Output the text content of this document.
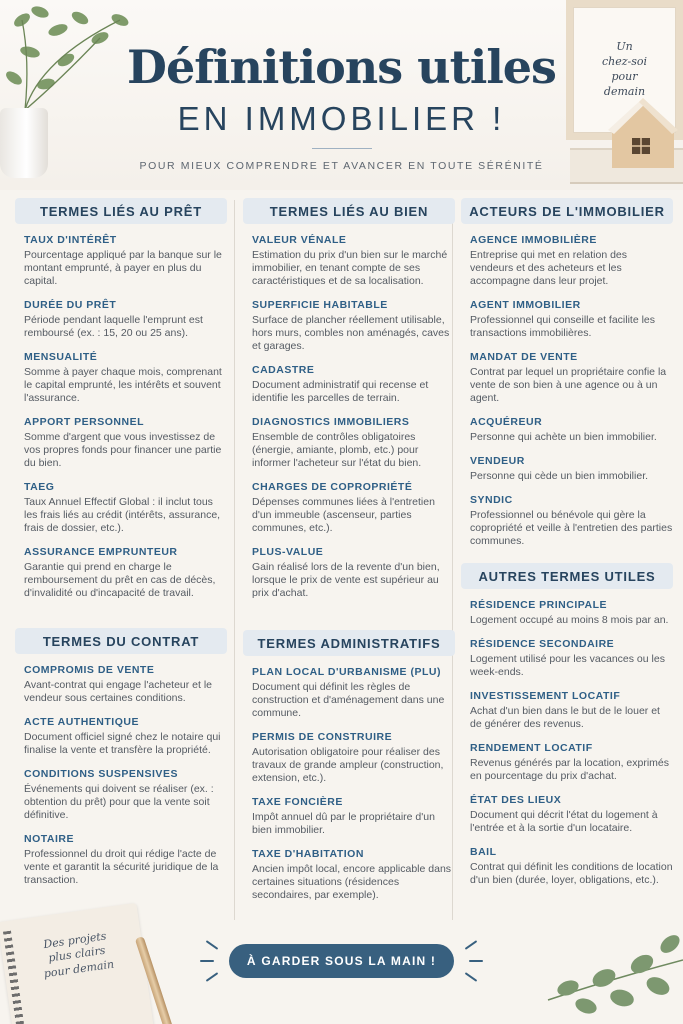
Définitions utiles
EN IMMOBILIER !
POUR MIEUX COMPRENDRE ET AVANCER EN TOUTE SÉRÉNITÉ
Un
chez-soi
pour
demain
TERMES LIÉS AU PRÊT
TAUX D'INTÉRÊT
Pourcentage appliqué par la banque sur le montant emprunté, à payer en plus du capital.
DURÉE DU PRÊT
Période pendant laquelle l'emprunt est remboursé (ex. : 15, 20 ou 25 ans).
MENSUALITÉ
Somme à payer chaque mois, comprenant le capital emprunté, les intérêts et souvent l'assurance.
APPORT PERSONNEL
Somme d'argent que vous investissez de vos propres fonds pour financer une partie du bien.
TAEG
Taux Annuel Effectif Global : il inclut tous les frais liés au crédit (intérêts, assurance, frais de dossier, etc.).
ASSURANCE EMPRUNTEUR
Garantie qui prend en charge le remboursement du prêt en cas de décès, d'invalidité ou d'incapacité de travail.
TERMES DU CONTRAT
COMPROMIS DE VENTE
Avant-contrat qui engage l'acheteur et le vendeur sous certaines conditions.
ACTE AUTHENTIQUE
Document officiel signé chez le notaire qui finalise la vente et transfère la propriété.
CONDITIONS SUSPENSIVES
Événements qui doivent se réaliser (ex. : obtention du prêt) pour que la vente soit définitive.
NOTAIRE
Professionnel du droit qui rédige l'acte de vente et garantit la sécurité juridique de la transaction.
TERMES LIÉS AU BIEN
VALEUR VÉNALE
Estimation du prix d'un bien sur le marché immobilier, en tenant compte de ses caractéristiques et de sa localisation.
SUPERFICIE HABITABLE
Surface de plancher réellement utilisable, hors murs, combles non aménagés, caves et garages.
CADASTRE
Document administratif qui recense et identifie les parcelles de terrain.
DIAGNOSTICS IMMOBILIERS
Ensemble de contrôles obligatoires (énergie, amiante, plomb, etc.) pour informer l'acheteur sur l'état du bien.
CHARGES DE COPROPRIÉTÉ
Dépenses communes liées à l'entretien d'un immeuble (ascenseur, parties communes, etc.).
PLUS-VALUE
Gain réalisé lors de la revente d'un bien, lorsque le prix de vente est supérieur au prix d'achat.
TERMES ADMINISTRATIFS
PLAN LOCAL D'URBANISME (PLU)
Document qui définit les règles de construction et d'aménagement dans une commune.
PERMIS DE CONSTRUIRE
Autorisation obligatoire pour réaliser des travaux de grande ampleur (construction, extension, etc.).
TAXE FONCIÈRE
Impôt annuel dû par le propriétaire d'un bien immobilier.
TAXE D'HABITATION
Ancien impôt local, encore applicable dans certaines situations (résidences secondaires, par exemple).
ACTEURS DE L'IMMOBILIER
AGENCE IMMOBILIÈRE
Entreprise qui met en relation des vendeurs et des acheteurs et les accompagne dans leur projet.
AGENT IMMOBILIER
Professionnel qui conseille et facilite les transactions immobilières.
MANDAT DE VENTE
Contrat par lequel un propriétaire confie la vente de son bien à une agence ou à un agent.
ACQUÉREUR
Personne qui achète un bien immobilier.
VENDEUR
Personne qui cède un bien immobilier.
SYNDIC
Professionnel ou bénévole qui gère la copropriété et veille à l'entretien des parties communes.
AUTRES TERMES UTILES
RÉSIDENCE PRINCIPALE
Logement occupé au moins 8 mois par an.
RÉSIDENCE SECONDAIRE
Logement utilisé pour les vacances ou les week-ends.
INVESTISSEMENT LOCATIF
Achat d'un bien dans le but de le louer et de générer des revenus.
RENDEMENT LOCATIF
Revenus générés par la location, exprimés en pourcentage du prix d'achat.
ÉTAT DES LIEUX
Document qui décrit l'état du logement à l'entrée et à la sortie d'un locataire.
BAIL
Contrat qui définit les conditions de location d'un bien (durée, loyer, obligations, etc.).
Des projets
plus clairs
pour demain	À GARDER SOUS LA MAIN !
